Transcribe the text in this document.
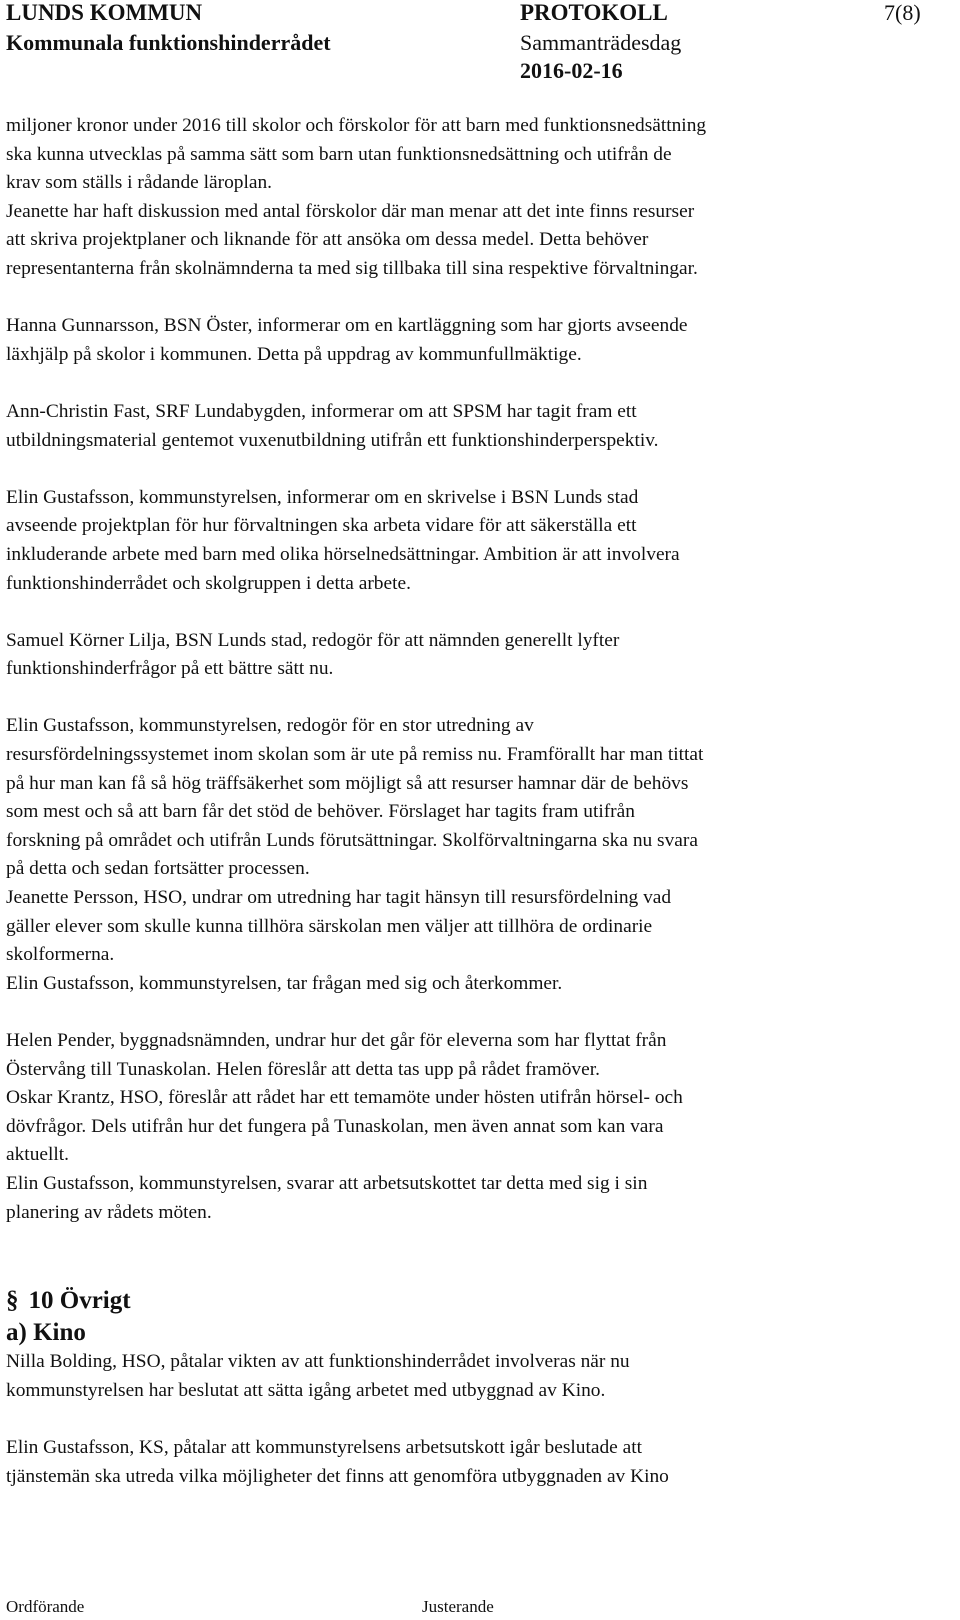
LUNDS KOMMUN
Kommunala funktionshinderrådet
PROTOKOLL
Sammanträdesdag
2016-02-16
7(8)

miljoner kronor under 2016 till skolor och förskolor för att barn med funktionsnedsättning

ska kunna utvecklas på samma sätt som barn utan funktionsnedsättning och utifrån de

krav som ställs i rådande läroplan.

Jeanette har haft diskussion med antal förskolor där man menar att det inte finns resurser

att skriva projektplaner och liknande för att ansöka om dessa medel. Detta behöver

representanterna från skolnämnderna ta med sig tillbaka till sina respektive förvaltningar.

Hanna Gunnarsson, BSN Öster, informerar om en kartläggning som har gjorts avseende

läxhjälp på skolor i kommunen. Detta på uppdrag av kommunfullmäktige.

Ann-Christin Fast, SRF Lundabygden, informerar om att SPSM har tagit fram ett

utbildningsmaterial gentemot vuxenutbildning utifrån ett funktionshinderperspektiv.

Elin Gustafsson, kommunstyrelsen, informerar om en skrivelse i BSN Lunds stad

avseende projektplan för hur förvaltningen ska arbeta vidare för att säkerställa ett

inkluderande arbete med barn med olika hörselnedsättningar. Ambition är att involvera

funktionshinderrådet och skolgruppen i detta arbete.

Samuel Körner Lilja, BSN Lunds stad, redogör för att nämnden generellt lyfter

funktionshinderfrågor på ett bättre sätt nu.

Elin Gustafsson, kommunstyrelsen, redogör för en stor utredning av

resursfördelningssystemet inom skolan som är ute på remiss nu. Framförallt har man tittat

på hur man kan få så hög träffsäkerhet som möjligt så att resurser hamnar där de behövs

som mest och så att barn får det stöd de behöver. Förslaget har tagits fram utifrån

forskning på området och utifrån Lunds förutsättningar. Skolförvaltningarna ska nu svara

på detta och sedan fortsätter processen.

Jeanette Persson, HSO, undrar om utredning har tagit hänsyn till resursfördelning vad

gäller elever som skulle kunna tillhöra särskolan men väljer att tillhöra de ordinarie

skolformerna.

Elin Gustafsson, kommunstyrelsen, tar frågan med sig och återkommer.

Helen Pender, byggnadsnämnden, undrar hur det går för eleverna som har flyttat från

Östervång till Tunaskolan. Helen föreslår att detta tas upp på rådet framöver.

Oskar Krantz, HSO, föreslår att rådet har ett temamöte under hösten utifrån hörsel- och

dövfrågor. Dels utifrån hur det fungera på Tunaskolan, men även annat som kan vara

aktuellt.

Elin Gustafsson, kommunstyrelsen, svarar att arbetsutskottet tar detta med sig i sin

planering av rådets möten.

§ 10 Övrigt
a) Kino

Nilla Bolding, HSO, påtalar vikten av att funktionshinderrådet involveras när nu

kommunstyrelsen har beslutat att sätta igång arbetet med utbyggnad av Kino.

Elin Gustafsson, KS, påtalar att kommunstyrelsens arbetsutskott igår beslutade att

tjänstemän ska utreda vilka möjligheter det finns att genomföra utbyggnaden av Kino

Ordförande	Justerande
